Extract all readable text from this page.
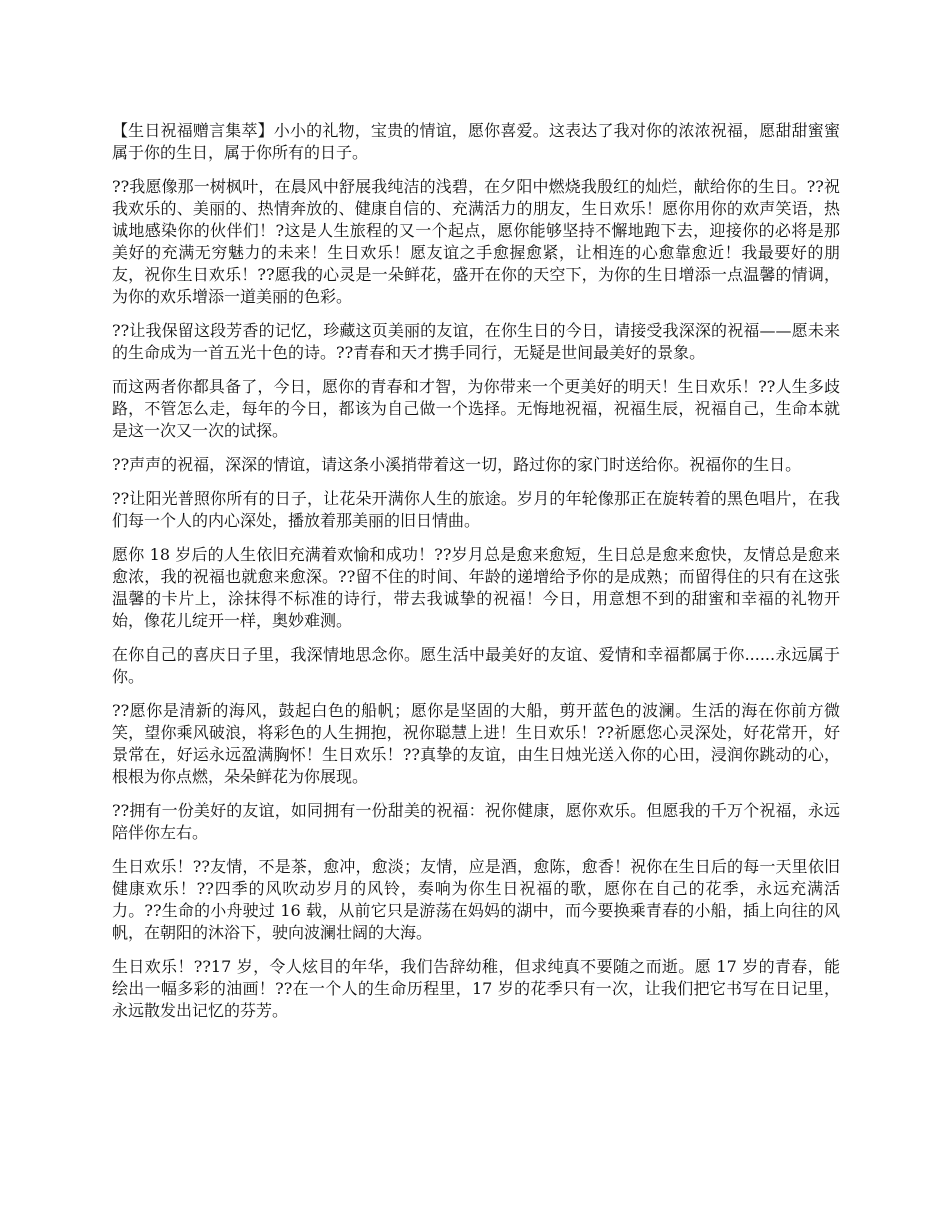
【生日祝福赠言集萃】小小的礼物，宝贵的情谊，愿你喜爱。这表达了我对你的浓浓祝福，愿甜甜蜜蜜属于你的生日，属于你所有的日子。

??我愿像那一树枫叶，在晨风中舒展我纯洁的浅碧，在夕阳中燃烧我殷红的灿烂，献给你的生日。??祝我欢乐的、美丽的、热情奔放的、健康自信的、充满活力的朋友，生日欢乐！愿你用你的欢声笑语，热诚地感染你的伙伴们！?这是人生旅程的又一个起点，愿你能够坚持不懈地跑下去，迎接你的必将是那美好的充满无穷魅力的未来！生日欢乐！愿友谊之手愈握愈紧，让相连的心愈靠愈近！我最要好的朋友，祝你生日欢乐！??愿我的心灵是一朵鲜花，盛开在你的天空下，为你的生日增添一点温馨的情调，为你的欢乐增添一道美丽的色彩。

??让我保留这段芳香的记忆，珍藏这页美丽的友谊，在你生日的今日，请接受我深深的祝福——愿未来的生命成为一首五光十色的诗。??青春和天才携手同行，无疑是世间最美好的景象。

而这两者你都具备了，今日，愿你的青春和才智，为你带来一个更美好的明天！生日欢乐！??人生多歧路，不管怎么走，每年的今日，都该为自己做一个选择。无悔地祝福，祝福生辰，祝福自己，生命本就是这一次又一次的试探。

??声声的祝福，深深的情谊，请这条小溪捎带着这一切，路过你的家门时送给你。祝福你的生日。

??让阳光普照你所有的日子，让花朵开满你人生的旅途。岁月的年轮像那正在旋转着的黑色唱片，在我们每一个人的内心深处，播放着那美丽的旧日情曲。

愿你 18 岁后的人生依旧充满着欢愉和成功！??岁月总是愈来愈短，生日总是愈来愈快，友情总是愈来愈浓，我的祝福也就愈来愈深。??留不住的时间、年龄的递增给予你的是成熟；而留得住的只有在这张温馨的卡片上，涂抹得不标准的诗行，带去我诚挚的祝福！今日，用意想不到的甜蜜和幸福的礼物开始，像花儿绽开一样，奥妙难测。

在你自己的喜庆日子里，我深情地思念你。愿生活中最美好的友谊、爱情和幸福都属于你......永远属于你。

??愿你是清新的海风，鼓起白色的船帆；愿你是坚固的大船，剪开蓝色的波澜。生活的海在你前方微笑，望你乘风破浪，将彩色的人生拥抱，祝你聪慧上进！生日欢乐！??祈愿您心灵深处，好花常开，好景常在，好运永远盈满胸怀！生日欢乐！??真挚的友谊，由生日烛光送入你的心田，浸润你跳动的心，根根为你点燃，朵朵鲜花为你展现。

??拥有一份美好的友谊，如同拥有一份甜美的祝福：祝你健康，愿你欢乐。但愿我的千万个祝福，永远陪伴你左右。

生日欢乐！??友情，不是茶，愈冲，愈淡；友情，应是酒，愈陈，愈香！祝你在生日后的每一天里依旧健康欢乐！??四季的风吹动岁月的风铃，奏响为你生日祝福的歌，愿你在自己的花季，永远充满活力。??生命的小舟驶过 16 载，从前它只是游荡在妈妈的湖中，而今要换乘青春的小船，插上向往的风帆，在朝阳的沐浴下，驶向波澜壮阔的大海。

生日欢乐！??17 岁，令人炫目的年华，我们告辞幼稚，但求纯真不要随之而逝。愿 17 岁的青春，能绘出一幅多彩的油画！??在一个人的生命历程里，17 岁的花季只有一次，让我们把它书写在日记里，永远散发出记忆的芬芳。
